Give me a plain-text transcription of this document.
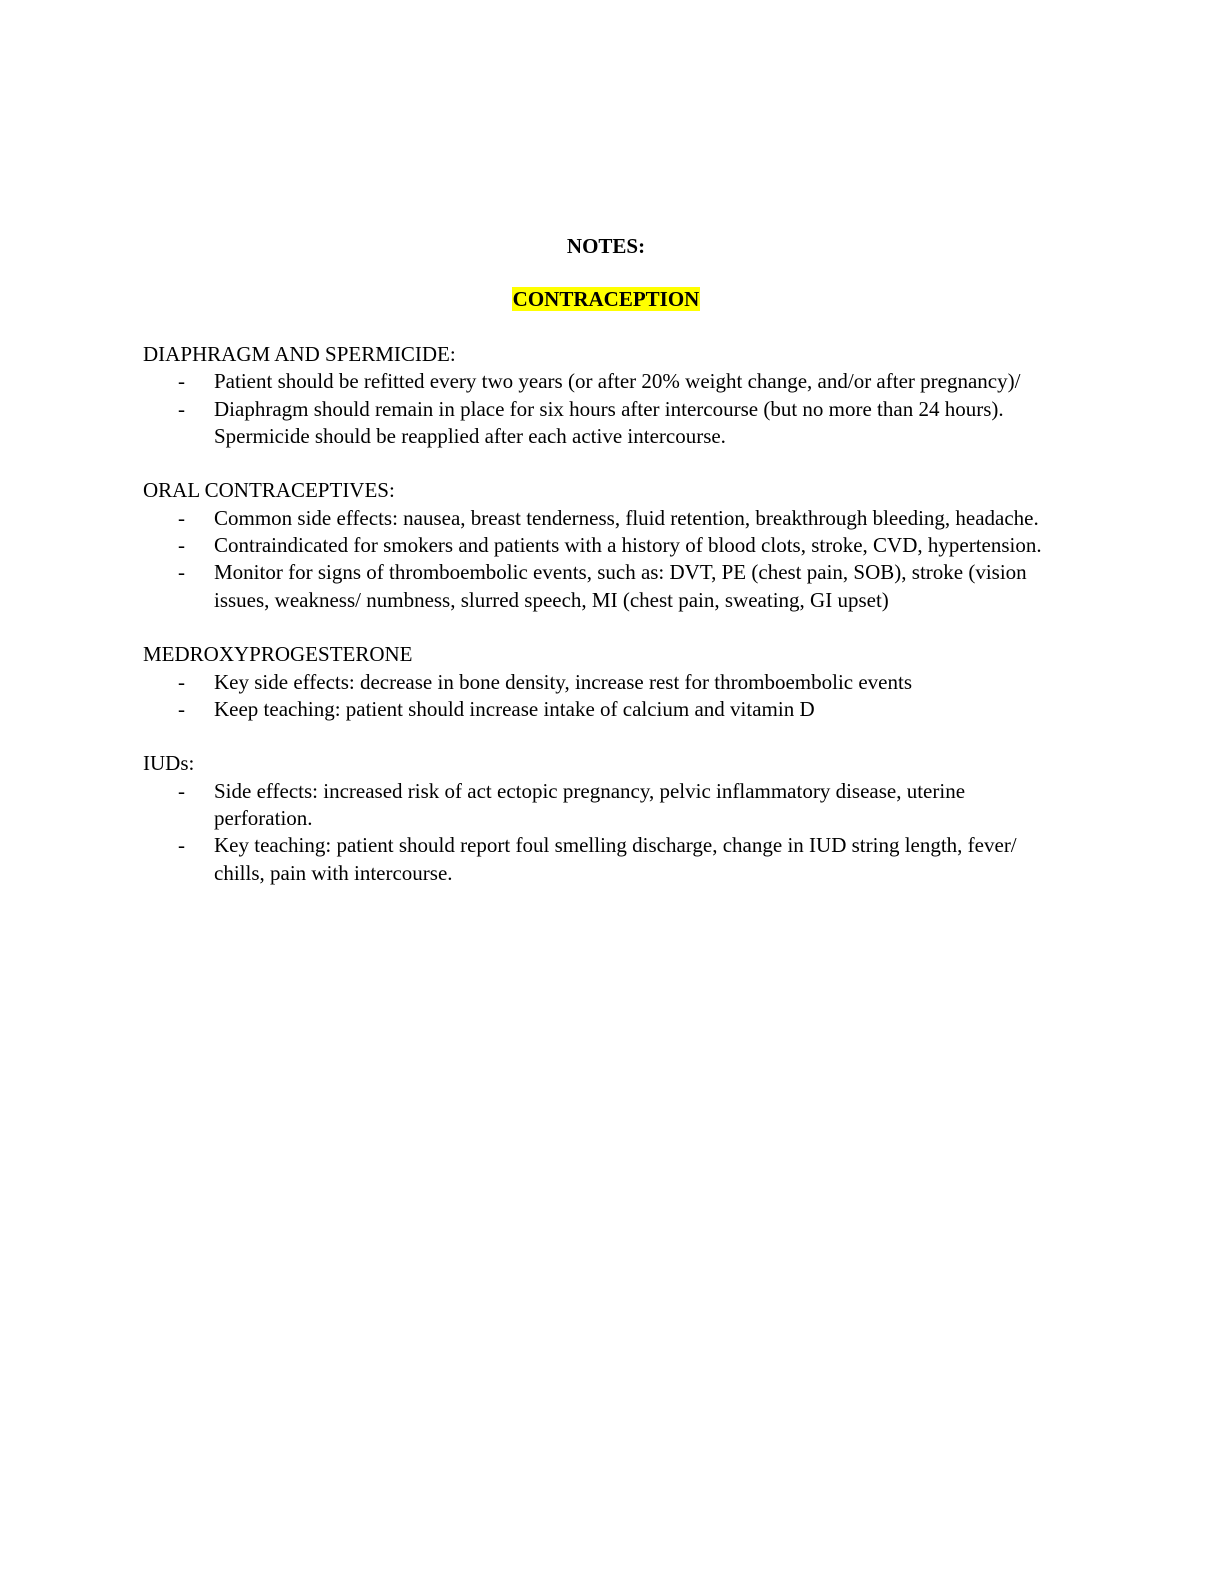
NOTES:
CONTRACEPTION

DIAPHRAGM AND SPERMICIDE:

- Patient should be refitted every two years (or after 20% weight change, and/or after pregnancy)/
- Diaphragm should remain in place for six hours after intercourse (but no more than 24 hours). Spermicide should be reapplied after each active intercourse.

ORAL CONTRACEPTIVES:

- Common side effects: nausea, breast tenderness, fluid retention, breakthrough bleeding, headache.
- Contraindicated for smokers and patients with a history of blood clots, stroke, CVD, hypertension.
- Monitor for signs of thromboembolic events, such as: DVT, PE (chest pain, SOB), stroke (vision issues, weakness/ numbness, slurred speech, MI (chest pain, sweating, GI upset)

MEDROXYPROGESTERONE

- Key side effects: decrease in bone density, increase rest for thromboembolic events
- Keep teaching: patient should increase intake of calcium and vitamin D

IUDs:

- Side effects: increased risk of act ectopic pregnancy, pelvic inflammatory disease, uterine perforation.
- Key teaching: patient should report foul smelling discharge, change in IUD string length, fever/ chills, pain with intercourse.
